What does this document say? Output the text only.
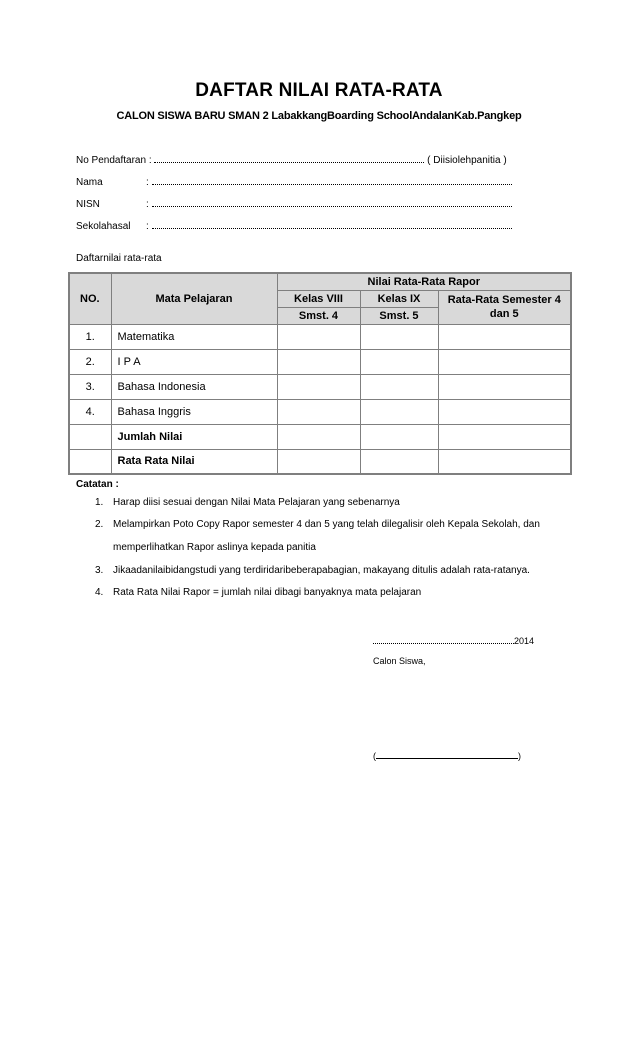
DAFTAR NILAI RATA-RATA
CALON SISWA BARU SMAN 2 LabakkangBoarding SchoolAndalanKab.Pangkep
No Pendaftaran :	( Diisiolehpanitia )
Nama	:
NISN	:
Sekolahasal :
Daftarnilai rata-rata
NO.	Mata Pelajaran	Nilai Rata-Rata Rapor		
		Kelas VIII	Kelas IX	Rata-Rata Semester 4 dan 5
		Smst. 4	Smst. 5	
1.	Matematika			
2.	I P A			
3.	Bahasa Indonesia			
4.	Bahasa Inggris			
	Jumlah Nilai			
	Rata Rata Nilai			
Catatan :
1. Harap diisi sesuai dengan Nilai Mata Pelajaran yang sebenarnya
2. Melampirkan Poto Copy Rapor semester 4 dan 5 yang telah dilegalisir oleh Kepala Sekolah, dan
memperlihatkan Rapor aslinya kepada panitia
3. Jikaadanilaibidangstudi yang terdiridaribeberapabagian, makayang ditulis adalah rata-ratanya.
4. Rata Rata Nilai Rapor = jumlah nilai dibagi banyaknya mata pelajaran
2014
Calon Siswa,
(	)
